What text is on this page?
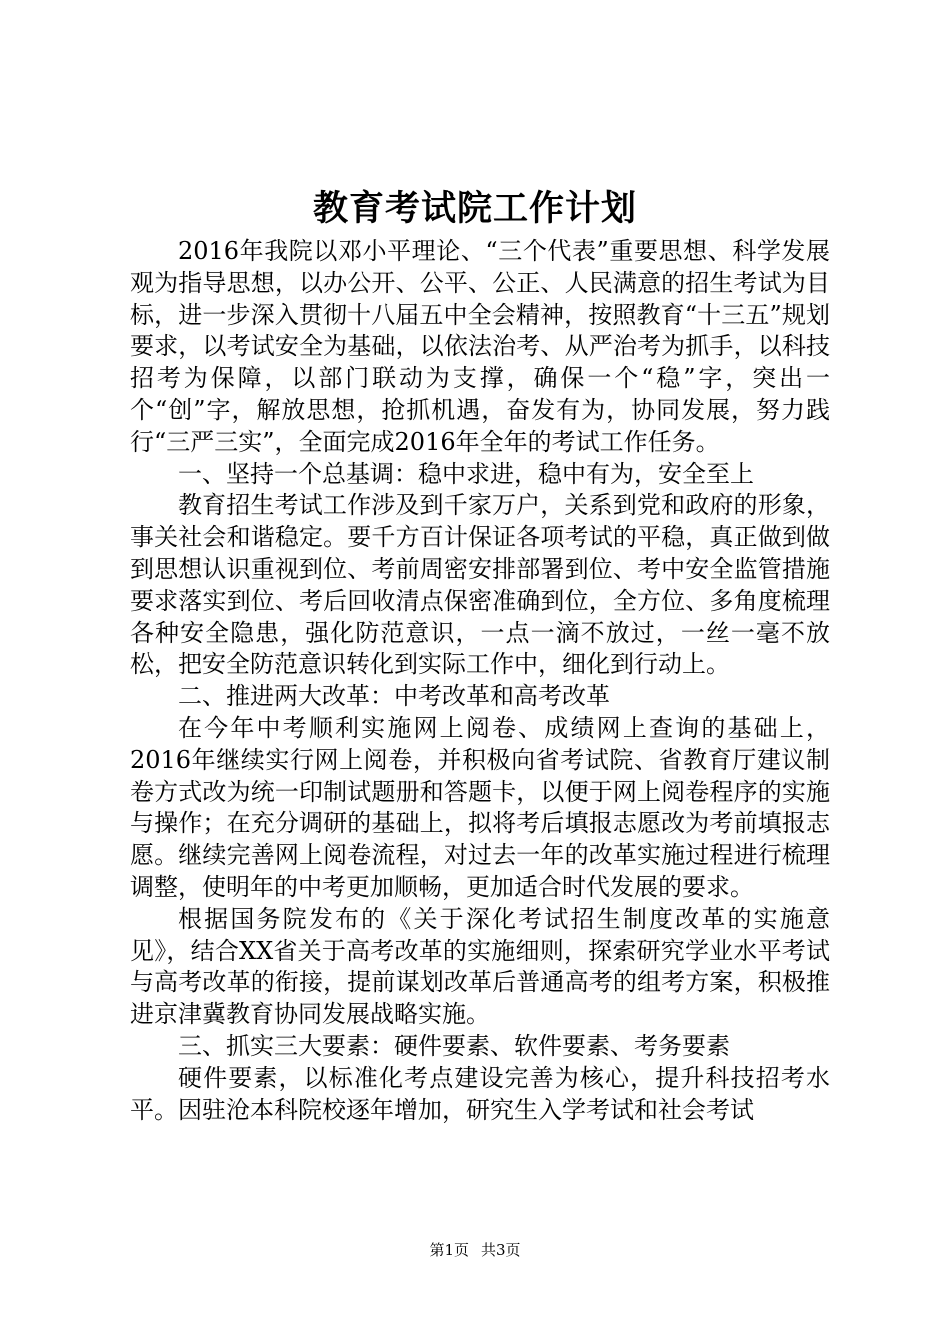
教育考试院工作计划

2016年我院以邓小平理论、“三个代表”重要思想、科学发展观为指导思想，以办公开、公平、公正、人民满意的招生考试为目标，进一步深入贯彻十八届五中全会精神，按照教育“十三五”规划要求，以考试安全为基础，以依法治考、从严治考为抓手，以科技招考为保障，以部门联动为支撑，确保一个“稳”字，突出一个“创”字，解放思想，抢抓机遇，奋发有为，协同发展，努力践行“三严三实”，全面完成2016年全年的考试工作任务。

一、坚持一个总基调：稳中求进，稳中有为，安全至上

教育招生考试工作涉及到千家万户，关系到党和政府的形象，事关社会和谐稳定。要千方百计保证各项考试的平稳，真正做到做到思想认识重视到位、考前周密安排部署到位、考中安全监管措施要求落实到位、考后回收清点保密准确到位，全方位、多角度梳理各种安全隐患，强化防范意识，一点一滴不放过，一丝一毫不放松，把安全防范意识转化到实际工作中，细化到行动上。

二、推进两大改革：中考改革和高考改革

在今年中考顺利实施网上阅卷、成绩网上查询的基础上，2016年继续实行网上阅卷，并积极向省考试院、省教育厅建议制卷方式改为统一印制试题册和答题卡，以便于网上阅卷程序的实施与操作；在充分调研的基础上，拟将考后填报志愿改为考前填报志愿。继续完善网上阅卷流程，对过去一年的改革实施过程进行梳理调整，使明年的中考更加顺畅，更加适合时代发展的要求。

根据国务院发布的《关于深化考试招生制度改革的实施意见》，结合XX省关于高考改革的实施细则，探索研究学业水平考试与高考改革的衔接，提前谋划改革后普通高考的组考方案，积极推进京津冀教育协同发展战略实施。

三、抓实三大要素：硬件要素、软件要素、考务要素

硬件要素，以标准化考点建设完善为核心，提升科技招考水平。因驻沧本科院校逐年增加，研究生入学考试和社会考试

第1页 共3页
